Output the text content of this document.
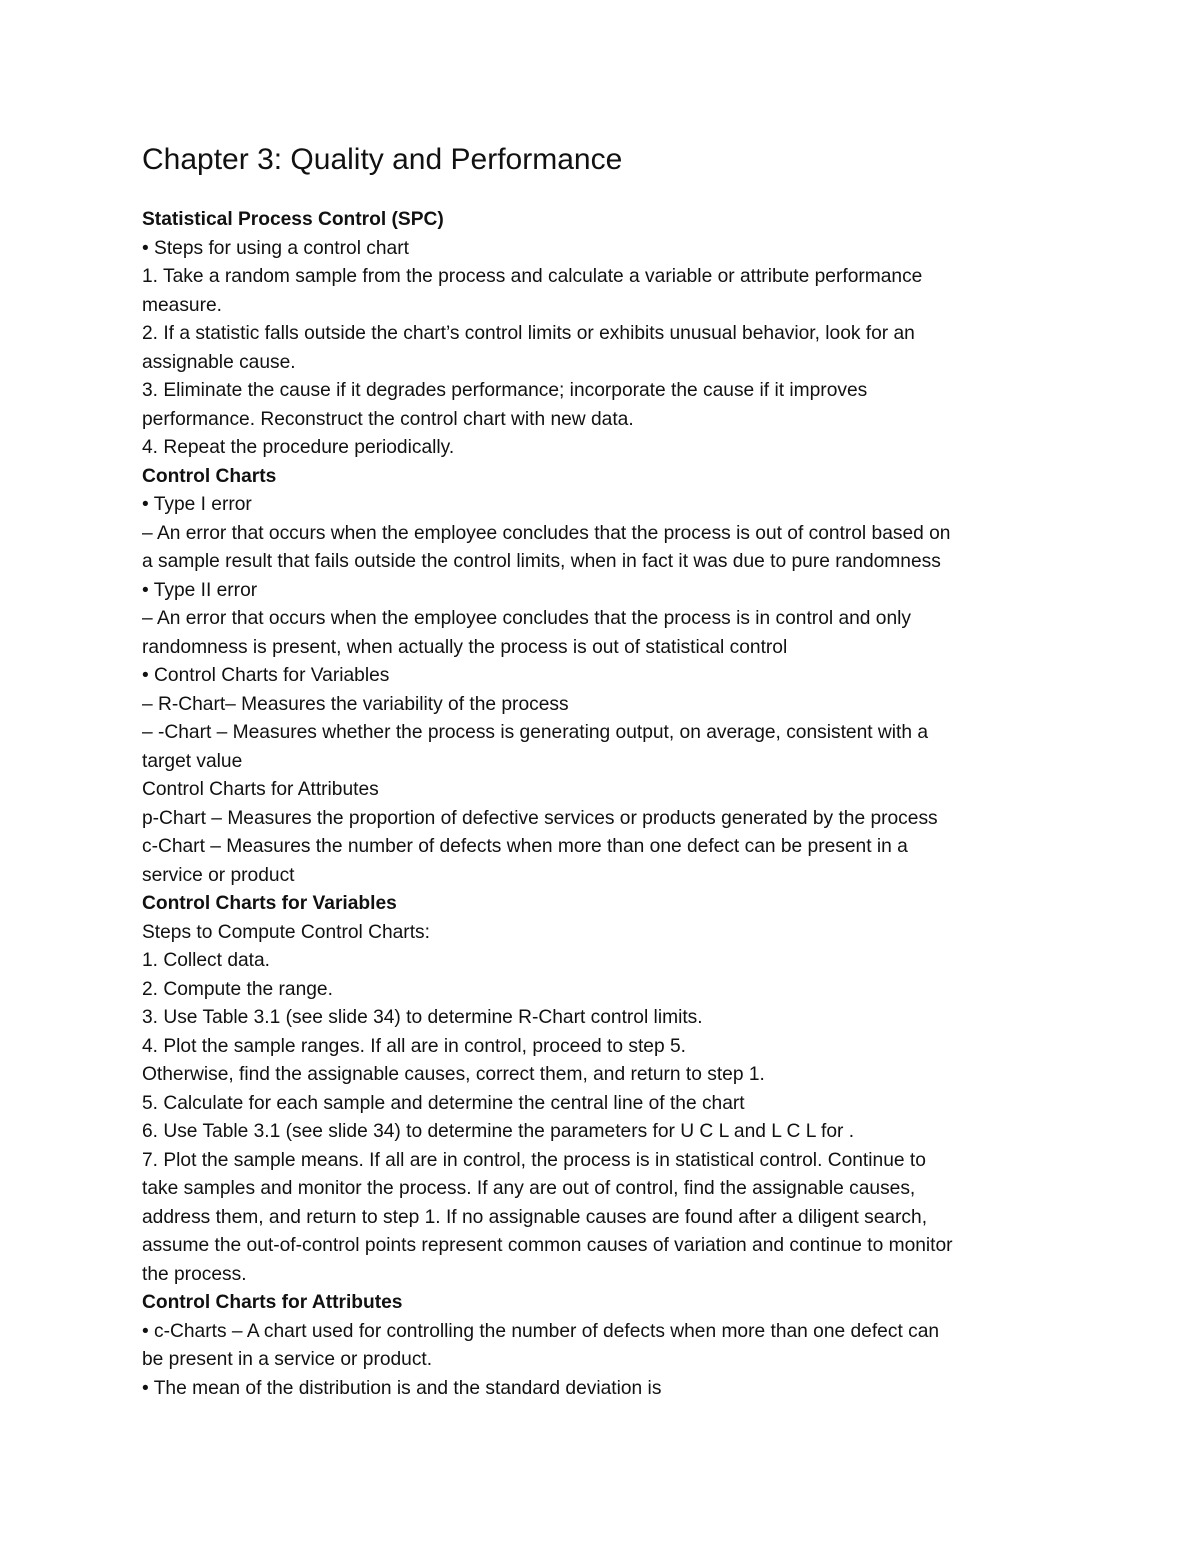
Chapter 3: Quality and Performance

Statistical Process Control (SPC)

• Steps for using a control chart

1. Take a random sample from the process and calculate a variable or attribute performance

measure.

2. If a statistic falls outside the chart’s control limits or exhibits unusual behavior, look for an

assignable cause.

3. Eliminate the cause if it degrades performance; incorporate the cause if it improves

performance. Reconstruct the control chart with new data.

4. Repeat the procedure periodically.

Control Charts

• Type I error

– An error that occurs when the employee concludes that the process is out of control based on

a sample result that fails outside the control limits, when in fact it was due to pure randomness

• Type II error

– An error that occurs when the employee concludes that the process is in control and only

randomness is present, when actually the process is out of statistical control

• Control Charts for Variables

– R-Chart– Measures the variability of the process

– -Chart – Measures whether the process is generating output, on average, consistent with a

target value

Control Charts for Attributes

p-Chart – Measures the proportion of defective services or products generated by the process

c-Chart – Measures the number of defects when more than one defect can be present in a

service or product

Control Charts for Variables

Steps to Compute Control Charts:

1. Collect data.

2. Compute the range.

3. Use Table 3.1 (see slide 34) to determine R-Chart control limits.

4. Plot the sample ranges. If all are in control, proceed to step 5.

Otherwise, find the assignable causes, correct them, and return to step 1.

5. Calculate for each sample and determine the central line of the chart

6. Use Table 3.1 (see slide 34) to determine the parameters for U C L and L C L for .

7. Plot the sample means. If all are in control, the process is in statistical control. Continue to

take samples and monitor the process. If any are out of control, find the assignable causes,

address them, and return to step 1. If no assignable causes are found after a diligent search,

assume the out-of-control points represent common causes of variation and continue to monitor

the process.

Control Charts for Attributes

• c-Charts – A chart used for controlling the number of defects when more than one defect can

be present in a service or product.

• The mean of the distribution is and the standard deviation is
